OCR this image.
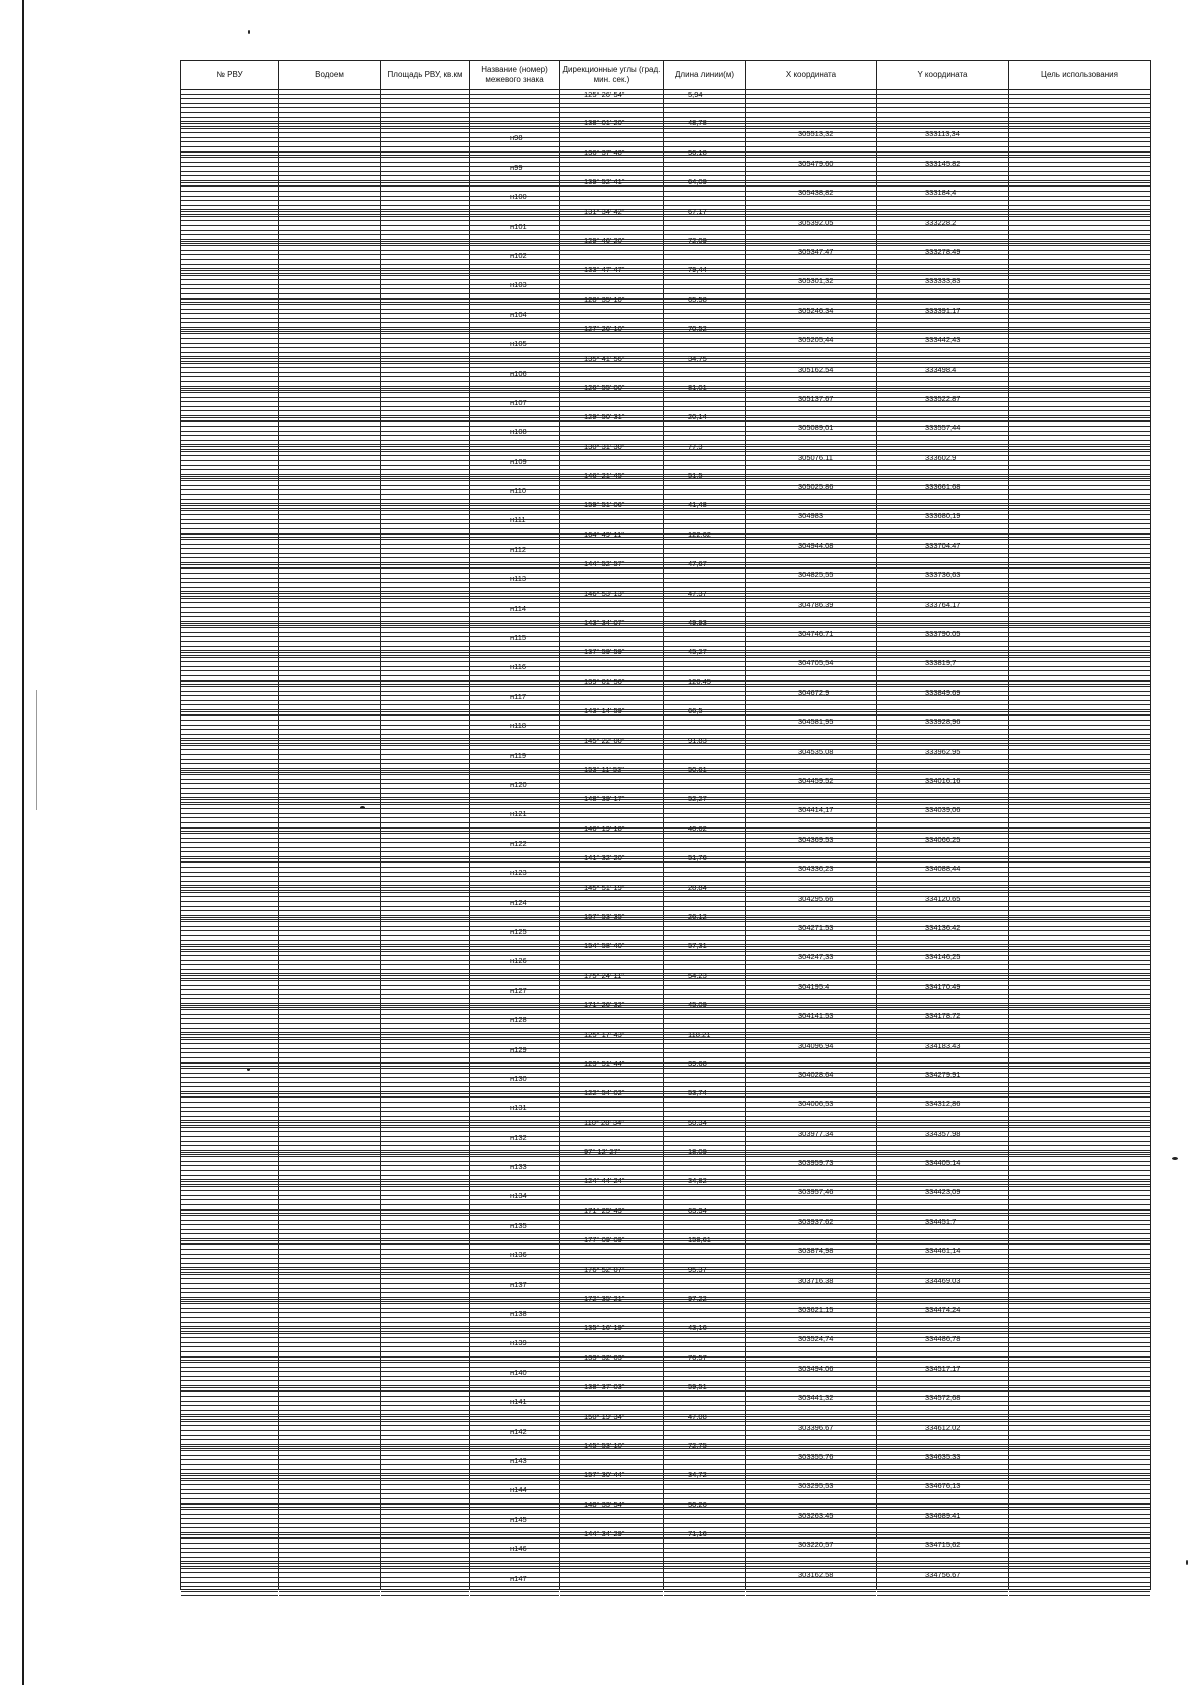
№ РВУ	Водоем	Площадь РВУ, кв.км	Название (номер) межевого знака	Дирекционные углы (град. мин. сек.)	Длина линии(м)	Х координата	Y координата	Цель использования

				125° 26' 54"	5,94			

			н98	138° 01' 20"	48,78	305513,32	333113,34	

			н99	136° 37' 48"	56,18	305479,60	333145,82	

			н100	139° 52' 41"	64,09	305438,82	333184,4	

			н101	131° 34' 42"	67,17	305392,05	333228,2	

			н102	129° 46' 20"	72,09	305347,47	333278,49	

			н103	133° 47' 47"	79,44	305301,32	333333,83	

			н104	128° 35' 10"	65,58	305246,34	333391,17	

			н105	127° 26' 10"	70,52	305205,44	333442,43	

			н106	135° 41' 56"	34,75	305162,54	333498,4	

			н107	126° 55' 00"	81,01	305137,67	333522,87	

			н108	129° 50' 31"	20,14	305089,01	333557,44	

			н109	130° 31' 30"	77,3	305076,11	333602,9	

			н110	146° 21' 45"	51,5	305025,86	333661,68	

			н111	159° 51' 06"	41,48	304983	333680,19	

			н112	164° 49' 11"	122,62	304944,08	333704,47	

			н113	144° 52' 57"	47,67	304825,55	333736,63	

			н114	146° 53' 13"	47,37	304786,39	333764,17	

			н115	143° 34' 07"	49,93	304746,71	333790,05	

			н116	137° 59' 59"	45,27	304705,54	333819,7	

			н117	139° 01' 56"	120,45	304672,9	333849,69	

			н118	143° 14' 59"	66,5	304581,95	333928,96	

			н119	145° 22' 00"	91,83	304535,08	333962,95	

			н120	153° 11' 53"	50,61	304459,52	334016,16	

			н121	148° 39' 17"	52,27	304414,17	334039,06	

			н122	146° 19' 18"	40,62	304369,53	334066,25	

			н123	141° 32' 20"	51,76	304336,23	334088,44	

			н124	145° 51' 19"	28,84	304295,66	334120,65	

			н125	157° 53' 35"	26,12	304271,53	334136,42	

			н126	154° 58' 40"	57,31	304247,33	334146,25	

			н127	175° 24' 11"	54,23	304195,4	334170,49	

			н128	171° 26' 32"	45,09	304141,53	334178,72	

			н129	125° 17' 43"	118,21	304096,94	334183,43	

			н130	123° 51' 44"	39,68	304028,64	334279,91	

			н131	122° 54' 02"	53,74	304006,53	334312,86	

			н132	110° 28' 34"	50,34	303977,34	334357,98	

			н133	97° 12' 27"	18,09	303959,73	334405,14	

			н134	124° 44' 24"	34,82	303957,46	334423,09	

			н135	171° 25' 43"	63,34	303937,62	334451,7	

			н136	177° 09' 09"	158,61	303874,98	334461,14	

			н137	176° 52' 07"	95,37	303716,38	334469,03	

			н138	172° 35' 21"	97,22	303621,15	334474,24	

			н139	135° 16' 19"	43,16	303524,74	334486,78	

			н140	133° 32' 03"	76,57	303494,06	334517,17	

			н141	138° 37' 03"	59,51	303441,32	334572,68	

			н142	150° 19' 34"	47,08	303396,67	334612,02	

			н143	145° 53' 10"	72,75	303355,76	334635,33	

			н144	157° 30' 44"	34,72	303295,53	334676,13	

			н145	148° 33' 54"	50,26	303263,45	334689,41	

			н146	144° 34' 29"	71,16	303220,57	334715,62	

			н147			303162,58	334756,67	
